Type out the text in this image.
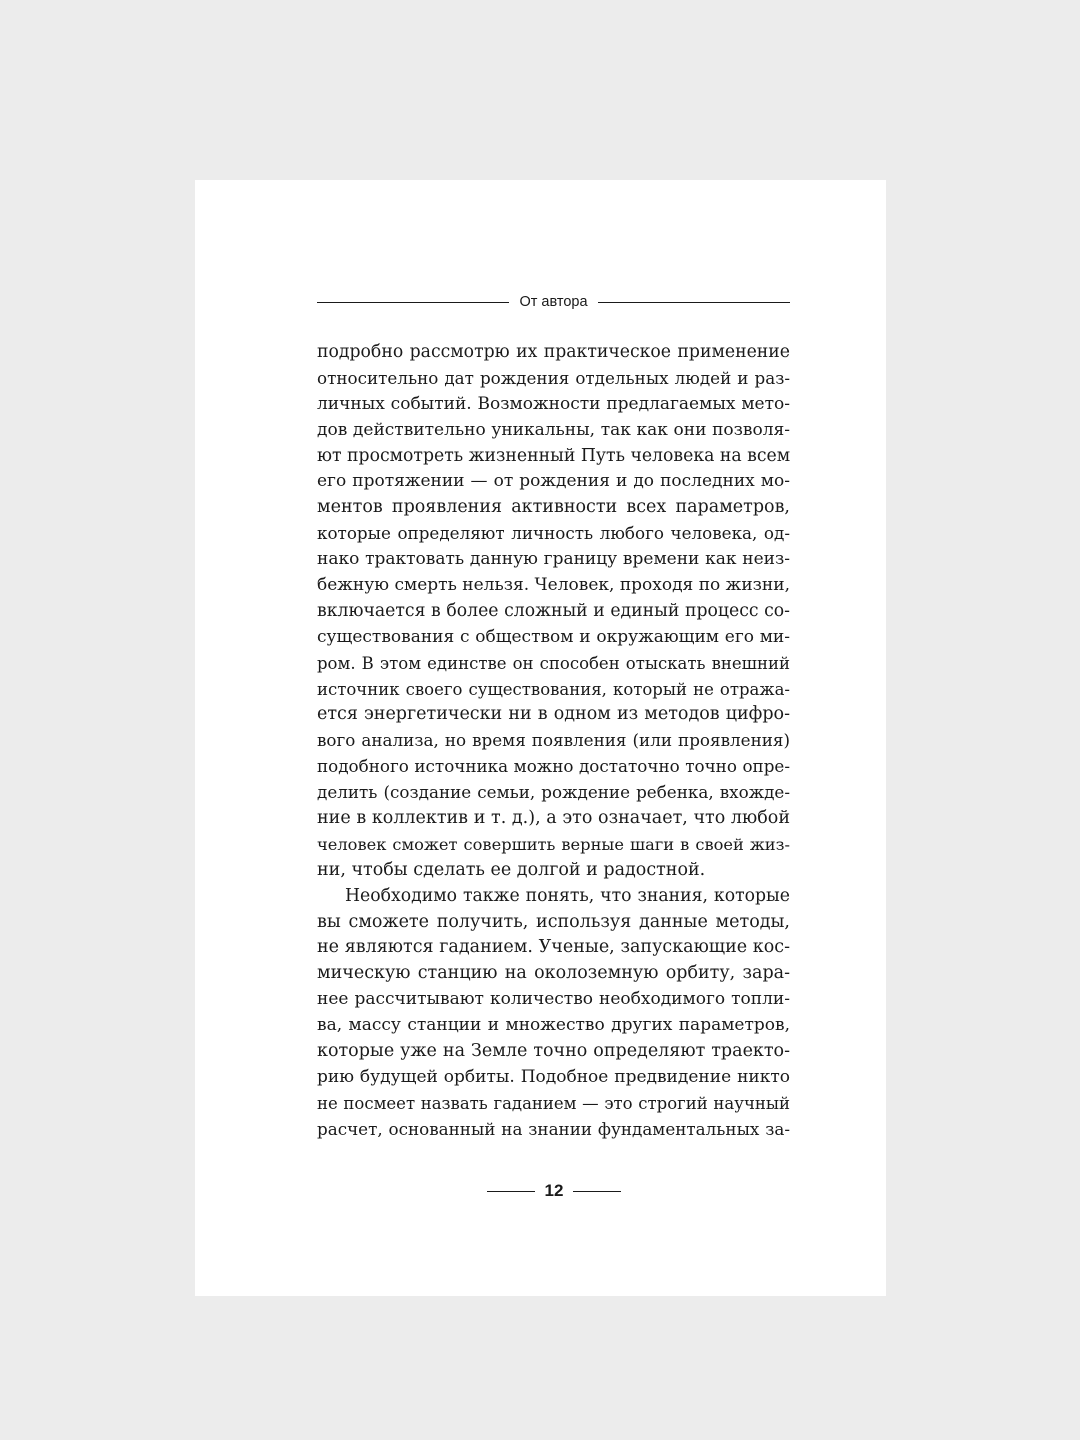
От автора
подробно рассмотрю их практическое применение
относительно дат рождения отдельных людей и раз-
личных событий. Возможности предлагаемых мето-
дов действительно уникальны, так как они позволя-
ют просмотреть жизненный Путь человека на всем
его протяжении — от рождения и до последних мо-
ментов проявления активности всех параметров,
которые определяют личность любого человека, од-
нако трактовать данную границу времени как неиз-
бежную смерть нельзя. Человек, проходя по жизни,
включается в более сложный и единый процесс со-
существования с обществом и окружающим его ми-
ром. В этом единстве он способен отыскать внешний
источник своего существования, который не отража-
ется энергетически ни в одном из методов цифро-
вого анализа, но время появления (или проявления)
подобного источника можно достаточно точно опре-
делить (создание семьи, рождение ребенка, вхожде-
ние в коллектив и т. д.), а это означает, что любой
человек сможет совершить верные шаги в своей жиз-
ни, чтобы сделать ее долгой и радостной.
Необходимо также понять, что знания, которые
вы сможете получить, используя данные методы,
не являются гаданием. Ученые, запускающие кос-
мическую станцию на околоземную орбиту, зара-
нее рассчитывают количество необходимого топли-
ва, массу станции и множество других параметров,
которые уже на Земле точно определяют траекто-
рию будущей орбиты. Подобное предвидение никто
не посмеет назвать гаданием — это строгий научный
расчет, основанный на знании фундаментальных за-
12
